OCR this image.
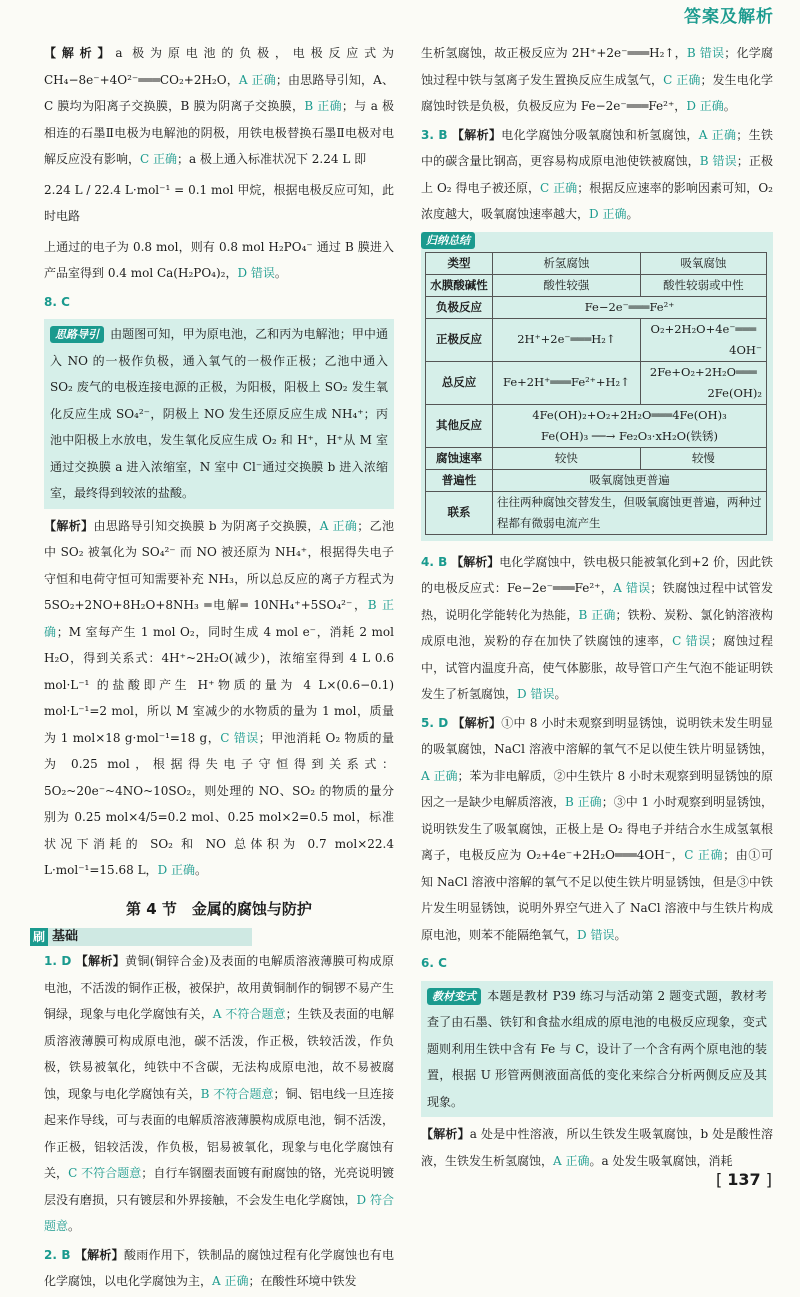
答案及解析

【解析】a 极为原电池的负极，电极反应式为 CH₄−8e⁻+4O²⁻═══CO₂+2H₂O，A 正确；由思路导引知，A、C 膜均为阳离子交换膜，B 膜为阴离子交换膜，B 正确；与 a 极相连的石墨Ⅱ电极为电解池的阴极，用铁电极替换石墨Ⅱ电极对电解反应没有影响，C 正确；a 极上通入标准状况下 2.24 L 即

2.24 L / 22.4 L·mol⁻¹ = 0.1 mol 甲烷，根据电极反应可知，此时电路

上通过的电子为 0.8 mol，则有 0.8 mol H₂PO₄⁻ 通过 B 膜进入产品室得到 0.4 mol Ca(H₂PO₄)₂，D 错误。

8. C

思路导引 由题图可知，甲为原电池，乙和丙为电解池；甲中通入 NO 的一极作负极，通入氧气的一极作正极；乙池中通入 SO₂ 废气的电极连接电源的正极，为阳极，阳极上 SO₂ 发生氧化反应生成 SO₄²⁻，阴极上 NO 发生还原反应生成 NH₄⁺；丙池中阳极上水放电，发生氧化反应生成 O₂ 和 H⁺，H⁺从 M 室通过交换膜 a 进入浓缩室，N 室中 Cl⁻通过交换膜 b 进入浓缩室，最终得到较浓的盐酸。

【解析】由思路导引知交换膜 b 为阴离子交换膜，A 正确；乙池中 SO₂ 被氧化为 SO₄²⁻ 而 NO 被还原为 NH₄⁺，根据得失电子守恒和电荷守恒可知需要补充 NH₃，所以总反应的离子方程式为 5SO₂+2NO+8H₂O+8NH₃ ═电解═ 10NH₄⁺+5SO₄²⁻，B 正确；M 室每产生 1 mol O₂，同时生成 4 mol e⁻，消耗 2 mol H₂O，得到关系式：4H⁺~2H₂O(减少)，浓缩室得到 4 L 0.6 mol·L⁻¹ 的盐酸即产生 H⁺物质的量为 4 L×(0.6−0.1) mol·L⁻¹=2 mol，所以 M 室减少的水物质的量为 1 mol，质量为 1 mol×18 g·mol⁻¹=18 g，C 错误；甲池消耗 O₂ 物质的量为 0.25 mol，根据得失电子守恒得到关系式：5O₂~20e⁻~4NO~10SO₂，则处理的 NO、SO₂ 的物质的量分别为 0.25 mol×4/5=0.2 mol、0.25 mol×2=0.5 mol，标准状况下消耗的 SO₂ 和 NO 总体积为 0.7 mol×22.4 L·mol⁻¹=15.68 L，D 正确。

第 4 节　金属的腐蚀与防护
刷 基础

1. D 【解析】黄铜(铜锌合金)及表面的电解质溶液薄膜可构成原电池，不活泼的铜作正极，被保护，故用黄铜制作的铜锣不易产生铜绿，现象与电化学腐蚀有关，A 不符合题意；生铁及表面的电解质溶液薄膜可构成原电池，碳不活泼，作正极，铁较活泼，作负极，铁易被氧化，纯铁中不含碳，无法构成原电池，故不易被腐蚀，现象与电化学腐蚀有关，B 不符合题意；铜、铝电线一旦连接起来作导线，可与表面的电解质溶液薄膜构成原电池，铜不活泼，作正极，铝较活泼，作负极，铝易被氧化，现象与电化学腐蚀有关，C 不符合题意；自行车钢圈表面镀有耐腐蚀的铬，光亮说明镀层没有磨损，只有镀层和外界接触，不会发生电化学腐蚀，D 符合题意。

2. B 【解析】酸雨作用下，铁制品的腐蚀过程有化学腐蚀也有电化学腐蚀，以电化学腐蚀为主，A 正确；在酸性环境中铁发

生析氢腐蚀，故正极反应为 2H⁺+2e⁻═══H₂↑，B 错误；化学腐蚀过程中铁与氢离子发生置换反应生成氢气，C 正确；发生电化学腐蚀时铁是负极，负极反应为 Fe−2e⁻═══Fe²⁺，D 正确。

3. B 【解析】电化学腐蚀分吸氧腐蚀和析氢腐蚀，A 正确；生铁中的碳含量比钢高，更容易构成原电池使铁被腐蚀，B 错误；正极上 O₂ 得电子被还原，C 正确；根据反应速率的影响因素可知，O₂ 浓度越大，吸氧腐蚀速率越大，D 正确。

归纳总结
类型	析氢腐蚀	吸氧腐蚀
水膜酸碱性	酸性较强	酸性较弱或中性
负极反应	Fe−2e⁻═══Fe²⁺	
正极反应	2H⁺+2e⁻═══H₂↑	O₂+2H₂O+4e⁻═══
4OH⁻

总反应	Fe+2H⁺═══Fe²⁺+H₂↑	2Fe+O₂+2H₂O═══
2Fe(OH)₂

其他反应	4Fe(OH)₂+O₂+2H₂O═══4Fe(OH)₃
Fe(OH)₃ ──→ Fe₂O₃·xH₂O(铁锈)	

腐蚀速率	较快	较慢
普遍性	吸氧腐蚀更普遍	
联系	往往两种腐蚀交替发生，但吸氧腐蚀更普遍，两种过程都有微弱电流产生	

4. B 【解析】电化学腐蚀中，铁电极只能被氧化到+2 价，因此铁的电极反应式：Fe−2e⁻═══Fe²⁺，A 错误；铁腐蚀过程中试管发热，说明化学能转化为热能，B 正确；铁粉、炭粉、氯化钠溶液构成原电池，炭粉的存在加快了铁腐蚀的速率，C 错误；腐蚀过程中，试管内温度升高，使气体膨胀，故导管口产生气泡不能证明铁发生了析氢腐蚀，D 错误。

5. D 【解析】①中 8 小时未观察到明显锈蚀，说明铁未发生明显的吸氧腐蚀，NaCl 溶液中溶解的氧气不足以使生铁片明显锈蚀，A 正确；苯为非电解质，②中生铁片 8 小时未观察到明显锈蚀的原因之一是缺少电解质溶液，B 正确；③中 1 小时观察到明显锈蚀，说明铁发生了吸氧腐蚀，正极上是 O₂ 得电子并结合水生成氢氧根离子，电极反应为 O₂+4e⁻+2H₂O═══4OH⁻，C 正确；由①可知 NaCl 溶液中溶解的氧气不足以使生铁片明显锈蚀，但是③中铁片发生明显锈蚀，说明外界空气进入了 NaCl 溶液中与生铁片构成原电池，则苯不能隔绝氧气，D 错误。

6. C

教材变式 本题是教材 P39 练习与活动第 2 题变式题，教材考查了由石墨、铁钉和食盐水组成的原电池的电极反应现象，变式题则利用生铁中含有 Fe 与 C，设计了一个含有两个原电池的装置，根据 U 形管两侧液面高低的变化来综合分析两侧反应及其现象。

【解析】a 处是中性溶液，所以生铁发生吸氧腐蚀，b 处是酸性溶液，生铁发生析氢腐蚀，A 正确。a 处发生吸氧腐蚀，消耗

[ 137 ]
